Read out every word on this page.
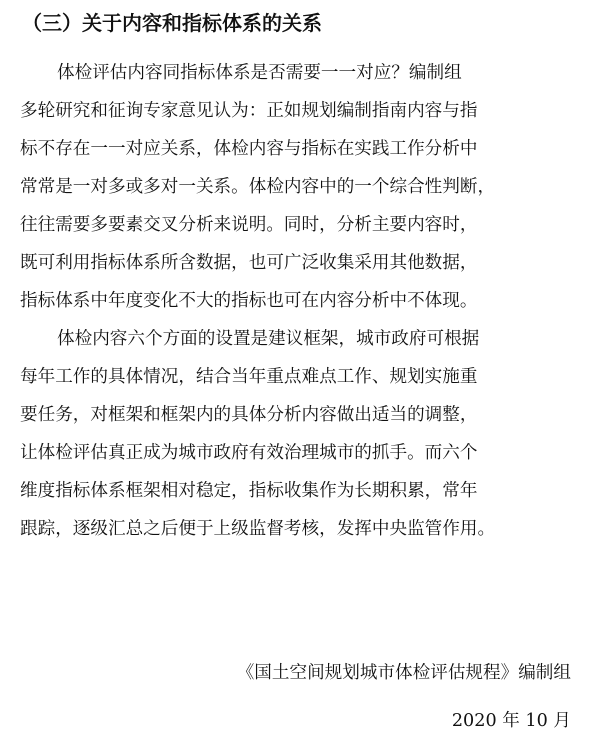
（三）关于内容和指标体系的关系
体检评估内容同指标体系是否需要一一对应？编制组
多轮研究和征询专家意见认为：正如规划编制指南内容与指
标不存在一一对应关系，体检内容与指标在实践工作分析中
常常是一对多或多对一关系。体检内容中的一个综合性判断，
往往需要多要素交叉分析来说明。同时，分析主要内容时，
既可利用指标体系所含数据，也可广泛收集采用其他数据，
指标体系中年度变化不大的指标也可在内容分析中不体现。
体检内容六个方面的设置是建议框架，城市政府可根据
每年工作的具体情况，结合当年重点难点工作、规划实施重
要任务，对框架和框架内的具体分析内容做出适当的调整，
让体检评估真正成为城市政府有效治理城市的抓手。而六个
维度指标体系框架相对稳定，指标收集作为长期积累，常年
跟踪，逐级汇总之后便于上级监督考核，发挥中央监管作用。
《国土空间规划城市体检评估规程》编制组
2020 年 10 月
